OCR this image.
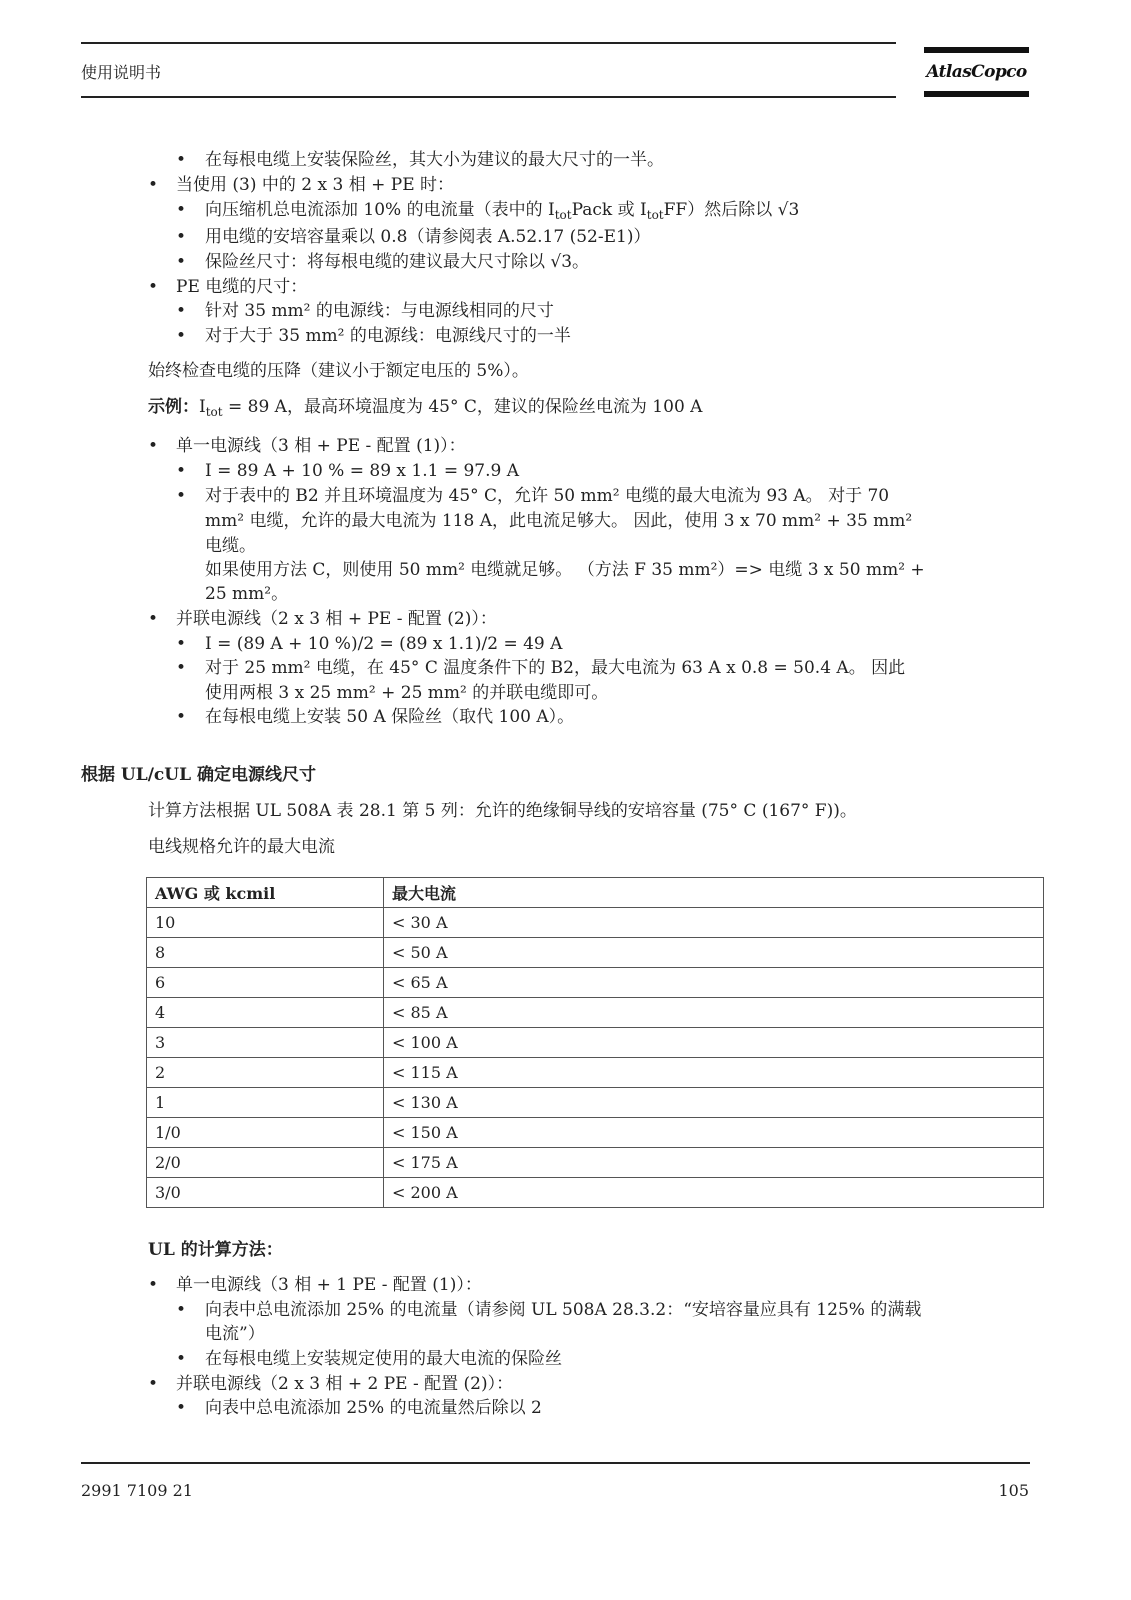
使用说明书	AtlasCopco
• 在每根电缆上安装保险丝，其大小为建议的最大尺寸的一半。
• 当使用 (3) 中的 2 x 3 相 + PE 时：
• 向压缩机总电流添加 10% 的电流量（表中的 $I_{tot}Pack$ 或 $I_{tot}FF$）然后除以 √3
• 用电缆的安培容量乘以 0.8（请参阅表 A.52.17 (52-E1)）
• 保险丝尺寸：将每根电缆的建议最大尺寸除以 √3。
• PE 电缆的尺寸：
• 针对 35 mm² 的电源线：与电源线相同的尺寸
• 对于大于 35 mm² 的电源线：电源线尺寸的一半
始终检查电缆的压降（建议小于额定电压的 5%）。
示例：$I_{tot} = 89$ A，最高环境温度为 45° C，建议的保险丝电流为 100 A
• 单一电源线（3 相 + PE - 配置 (1)）：
• I = 89 A + 10 % = 89 x 1.1 = 97.9 A
• 对于表中的 B2 并且环境温度为 45° C，允许 50 mm² 电缆的最大电流为 93 A。 对于 70
mm² 电缆，允许的最大电流为 118 A，此电流足够大。 因此，使用 3 x 70 mm² + 35 mm²
电缆。
如果使用方法 C，则使用 50 mm² 电缆就足够。 （方法 F 35 mm²）=> 电缆 3 x 50 mm² +
25 mm²。
• 并联电源线（2 x 3 相 + PE - 配置 (2)）：
• I = (89 A + 10 %)/2 = (89 x 1.1)/2 = 49 A
• 对于 25 mm² 电缆，在 45° C 温度条件下的 B2，最大电流为 63 A x 0.8 = 50.4 A。 因此
使用两根 3 x 25 mm² + 25 mm² 的并联电缆即可。
• 在每根电缆上安装 50 A 保险丝（取代 100 A）。
根据 UL/cUL 确定电源线尺寸
计算方法根据 UL 508A 表 28.1 第 5 列：允许的绝缘铜导线的安培容量 (75° C (167° F))。
电线规格允许的最大电流
AWG 或 kcmil	最大电流
10	< 30 A
8	< 50 A
6	< 65 A
4	< 85 A
3	< 100 A
2	< 115 A
1	< 130 A
1/0	< 150 A
2/0	< 175 A
3/0	< 200 A
UL 的计算方法：
• 单一电源线（3 相 + 1 PE - 配置 (1)）：
• 向表中总电流添加 25% 的电流量（请参阅 UL 508A 28.3.2：“安培容量应具有 125% 的满载
电流”）
• 在每根电缆上安装规定使用的最大电流的保险丝
• 并联电源线（2 x 3 相 + 2 PE - 配置 (2)）：
• 向表中总电流添加 25% 的电流量然后除以 2
2991 7109 21	105
